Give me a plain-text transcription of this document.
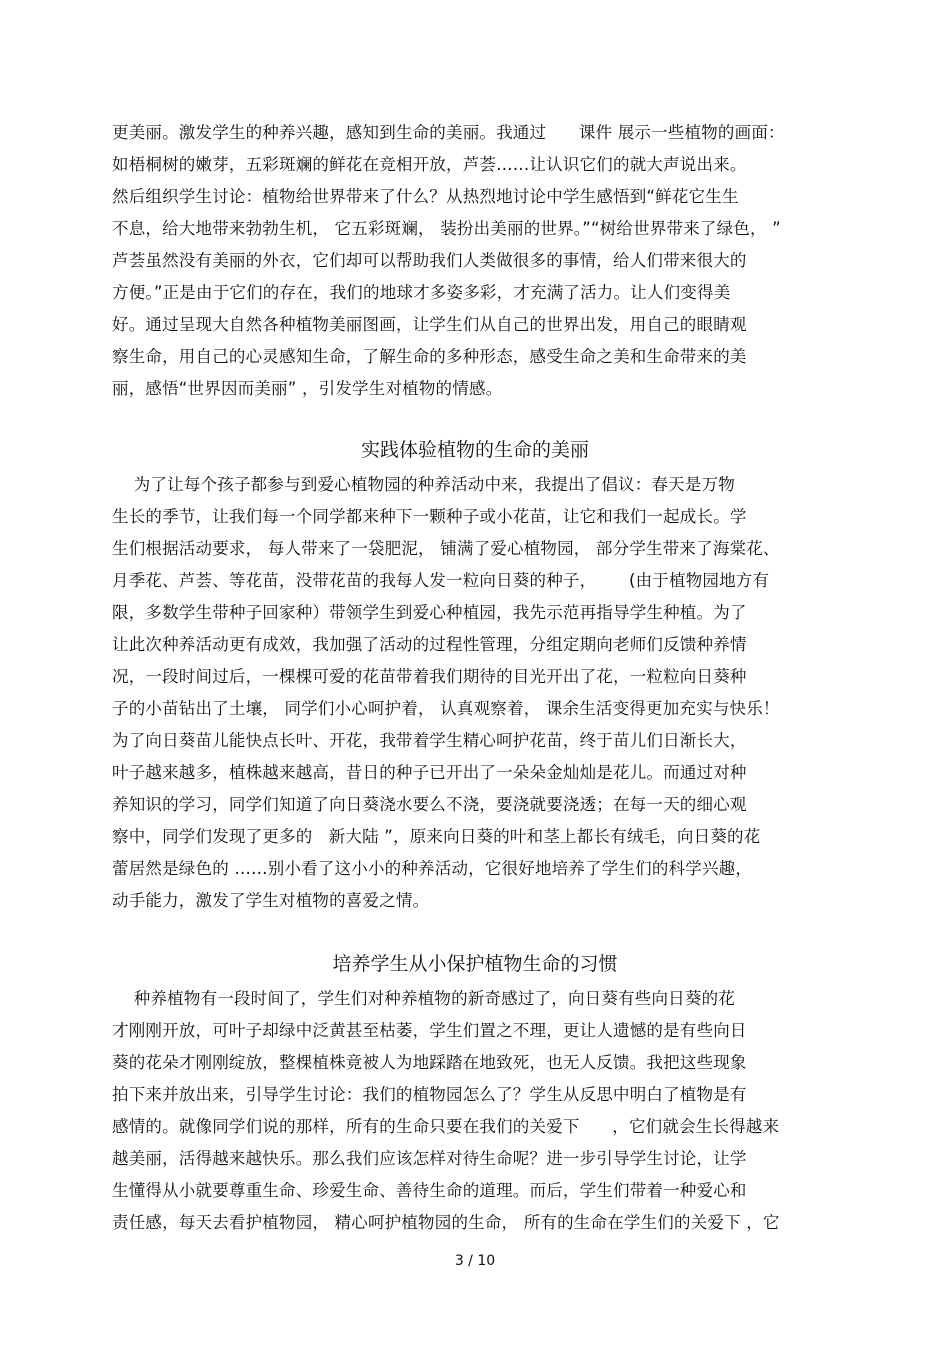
更美丽。激发学生的种养兴趣，感知到生命的美丽。我通过      课件 展示一些植物的画面：
如梧桐树的嫩芽，五彩斑斓的鲜花在竞相开放，芦荟……让认识它们的就大声说出来。
然后组织学生讨论：植物给世界带来了什么？从热烈地讨论中学生感悟到“鲜花它生生
不息，给大地带来勃勃生机， 它五彩斑斓， 装扮出美丽的世界。”“树给世界带来了绿色， ”
芦荟虽然没有美丽的外衣，它们却可以帮助我们人类做很多的事情，给人们带来很大的
方便。”正是由于它们的存在，我们的地球才多姿多彩，才充满了活力。让人们变得美
好。通过呈现大自然各种植物美丽图画，让学生们从自己的世界出发，用自己的眼睛观
察生命，用自己的心灵感知生命，了解生命的多种形态，感受生命之美和生命带来的美
丽，感悟“世界因而美丽” ，引发学生对植物的情感。
实践体验植物的生命的美丽
为了让每个孩子都参与到爱心植物园的种养活动中来，我提出了倡议：春天是万物
生长的季节，让我们每一个同学都来种下一颗种子或小花苗，让它和我们一起成长。学
生们根据活动要求， 每人带来了一袋肥泥， 铺满了爱心植物园， 部分学生带来了海棠花、
月季花、芦荟、等花苗，没带花苗的我每人发一粒向日葵的种子，      (由于植物园地方有
限，多数学生带种子回家种）带领学生到爱心种植园，我先示范再指导学生种植。为了
让此次种养活动更有成效，我加强了活动的过程性管理，分组定期向老师们反馈种养情
况，一段时间过后，一棵棵可爱的花苗带着我们期待的目光开出了花，一粒粒向日葵种
子的小苗钻出了土壤， 同学们小心呵护着， 认真观察着， 课余生活变得更加充实与快乐！
为了向日葵苗儿能快点长叶、开花，我带着学生精心呵护花苗，终于苗儿们日渐长大，
叶子越来越多，植株越来越高，昔日的种子已开出了一朵朵金灿灿是花儿。而通过对种
养知识的学习，同学们知道了向日葵浇水要么不浇，要浇就要浇透；在每一天的细心观
察中，同学们发现了更多的   新大陆 ”，原来向日葵的叶和茎上都长有绒毛，向日葵的花
蕾居然是绿色的 ……别小看了这小小的种养活动，它很好地培养了学生们的科学兴趣，
动手能力，激发了学生对植物的喜爱之情。
培养学生从小保护植物生命的习惯
种养植物有一段时间了，学生们对种养植物的新奇感过了，向日葵有些向日葵的花
才刚刚开放，可叶子却绿中泛黄甚至枯萎，学生们置之不理，更让人遗憾的是有些向日
葵的花朵才刚刚绽放，整棵植株竟被人为地踩踏在地致死，也无人反馈。我把这些现象
拍下来并放出来，引导学生讨论：我们的植物园怎么了？学生从反思中明白了植物是有
感情的。就像同学们说的那样，所有的生命只要在我们的关爱下      ，它们就会生长得越来
越美丽，活得越来越快乐。那么我们应该怎样对待生命呢？进一步引导学生讨论，让学
生懂得从小就要尊重生命、珍爱生命、善待生命的道理。而后，学生们带着一种爱心和
责任感，每天去看护植物园， 精心呵护植物园的生命， 所有的生命在学生们的关爱下 ，它
3 / 10
